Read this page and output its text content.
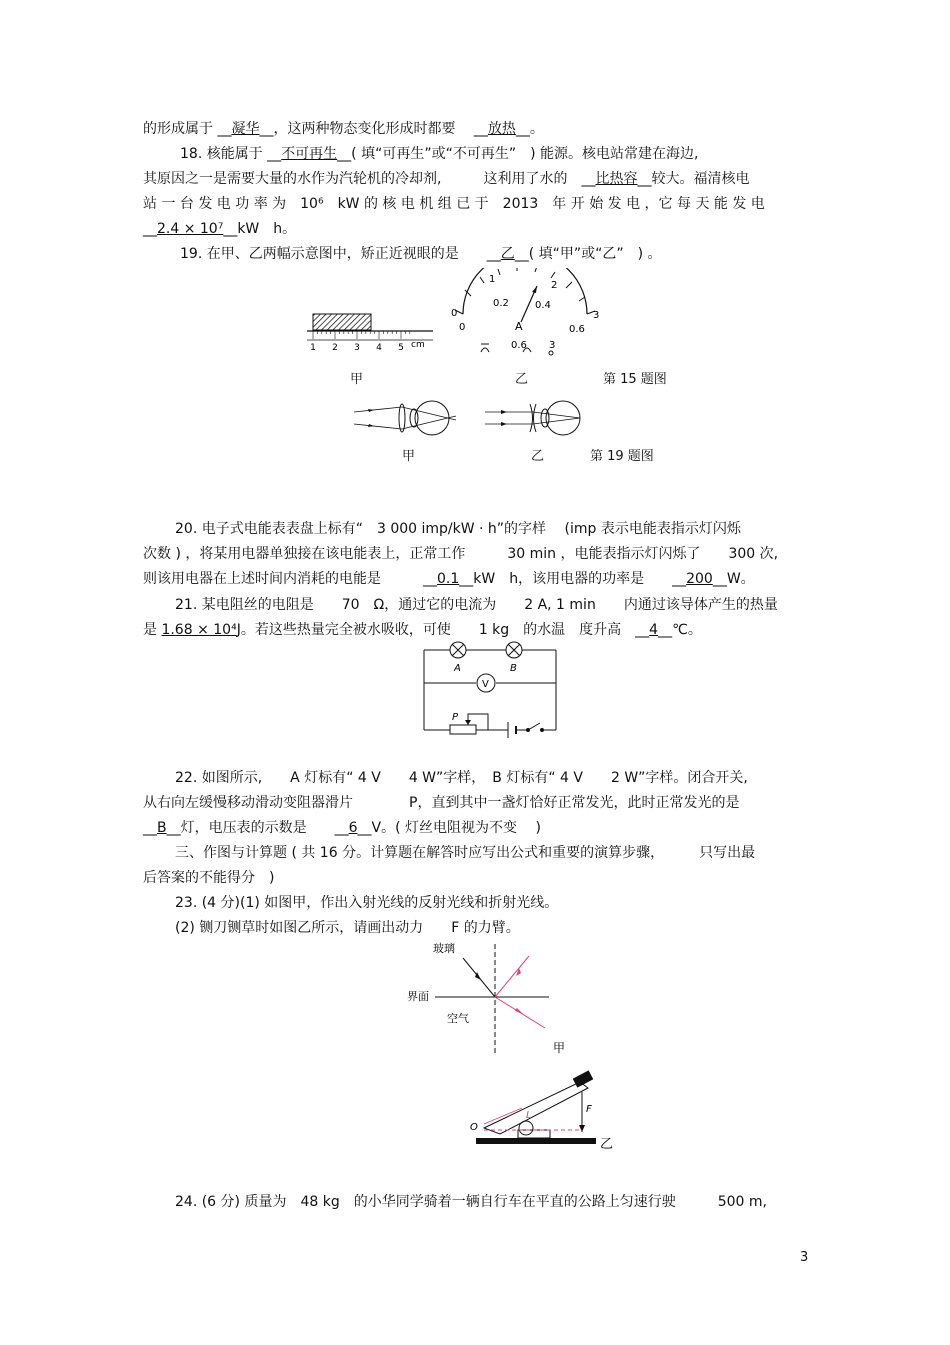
的形成属于 __凝华__，这两种物态变化形成时都要　 __放热__。
18. 核能属于 __不可再生__( 填“可再生”或“不可再生”　) 能源。核电站常建在海边,
其原因之一是需要大量的水作为汽轮机的冷却剂,　　　这利用了水的　__比热容__较大。福清核电
站 一 台 发 电 功 率 为　10⁶　kW 的 核 电 机 组 已 于　2013　年 开 始 发 电 ，它 每 天 能 发 电
__2.4 × 10⁷__kW　h。
19. 在甲、乙两幅示意图中，矫正近视眼的是　　__乙__( 填“甲”或“乙”　) 。
1 2 3 4 5 cm
0
1
2
3
0
0.2	0.4
0.6
A
0.6 3
甲	乙	第 15 题图
甲	乙	第 19 题图
20. 电子式电能表表盘上标有“　3 000 imp/kW · h”的字样　 (imp 表示电能表指示灯闪烁
次数 ) ，将某用电器单独接在该电能表上，正常工作　　　30 min ，电能表指示灯闪烁了　　300 次,
则该用电器在上述时间内消耗的电能是　　　__0.1__kW　h，该用电器的功率是　　__200__W。
21. 某电阻丝的电阻是　　70　Ω，通过它的电流为　　2 A, 1 min　　内通过该导体产生的热量
是 1.68 × 10⁴J。若这些热量完全被水吸收，可使　　1 kg　的水温　度升高　__4__℃。
A	B
V
P
22. 如图所示,　　A 灯标有“ 4 V　　4 W”字样，　B 灯标有“ 4 V　　2 W”字样。闭合开关,
从右向左缓慢移动滑动变阻器滑片　　　　P，直到其中一盏灯恰好正常发光，此时正常发光的是
__B__灯，电压表的示数是　　__6__V。( 灯丝电阻视为不变　 )
三、作图与计算题 ( 共 16 分。计算题在解答时应写出公式和重要的演算步骤，　　　只写出最
后答案的不能得分　)
23. (4 分)(1) 如图甲，作出入射光线的反射光线和折射光线。
(2) 铡刀铡草时如图乙所示，请画出动力　　F 的力臂。
玻璃
界面
空气
甲
O
F
L
乙
24. (6 分) 质量为　48 kg　的小华同学骑着一辆自行车在平直的公路上匀速行驶　　　500 m,
3
